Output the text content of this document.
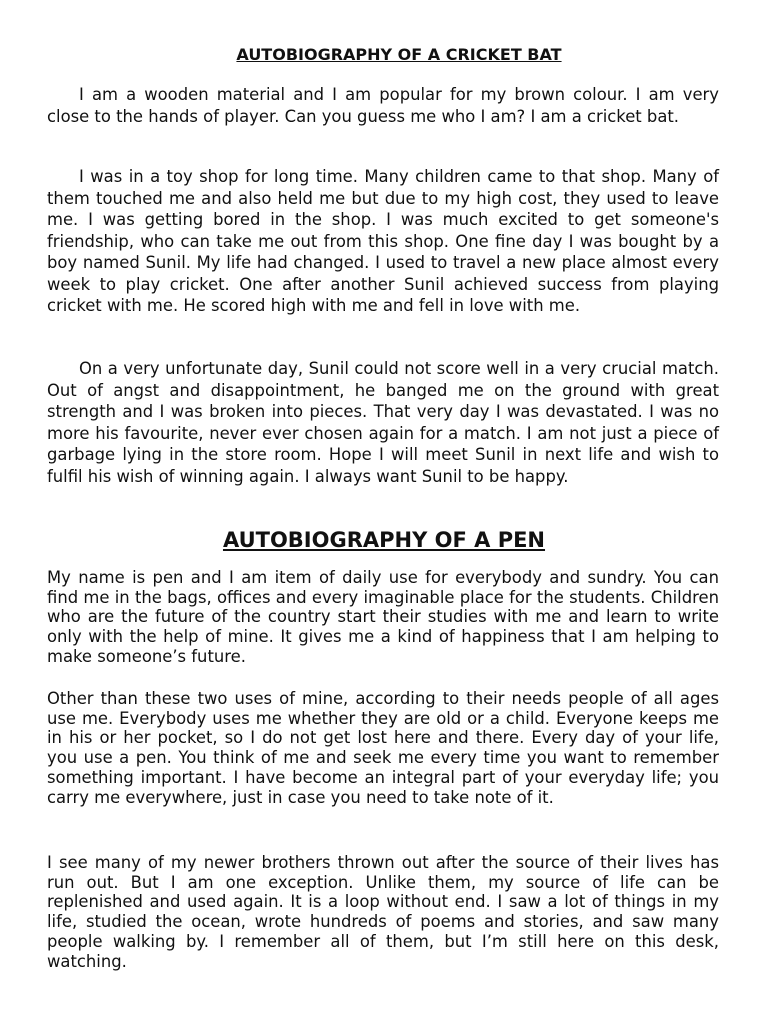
AUTOBIOGRAPHY OF A CRICKET BAT

I am a wooden material and I am popular for my brown colour. I am very close to the hands of player. Can you guess me who I am? I am a cricket bat.

I was in a toy shop for long time. Many children came to that shop. Many of them touched me and also held me but due to my high cost, they used to leave me. I was getting bored in the shop. I was much excited to get someone's friendship, who can take me out from this shop. One fine day I was bought by a boy named Sunil. My life had changed. I used to travel a new place almost every week to play cricket. One after another Sunil achieved success from playing cricket with me. He scored high with me and fell in love with me.

On a very unfortunate day, Sunil could not score well in a very crucial match. Out of angst and disappointment, he banged me on the ground with great strength and I was broken into pieces. That very day I was devastated. I was no more his favourite, never ever chosen again for a match. I am not just a piece of garbage lying in the store room. Hope I will meet Sunil in next life and wish to fulfil his wish of winning again. I always want Sunil to be happy.

AUTOBIOGRAPHY OF A PEN

My name is pen and I am item of daily use for everybody and sundry. You can find me in the bags, offices and every imaginable place for the students. Children who are the future of the country start their studies with me and learn to write only with the help of mine. It gives me a kind of happiness that I am helping to make someone’s future.

Other than these two uses of mine, according to their needs people of all ages use me. Everybody uses me whether they are old or a child. Everyone keeps me in his or her pocket, so I do not get lost here and there. Every day of your life, you use a pen. You think of me and seek me every time you want to remember something important. I have become an integral part of your everyday life; you carry me everywhere, just in case you need to take note of it.

I see many of my newer brothers thrown out after the source of their lives has run out. But I am one exception. Unlike them, my source of life can be replenished and used again. It is a loop without end. I saw a lot of things in my life, studied the ocean, wrote hundreds of poems and stories, and saw many people walking by. I remember all of them, but I’m still here on this desk, watching.
